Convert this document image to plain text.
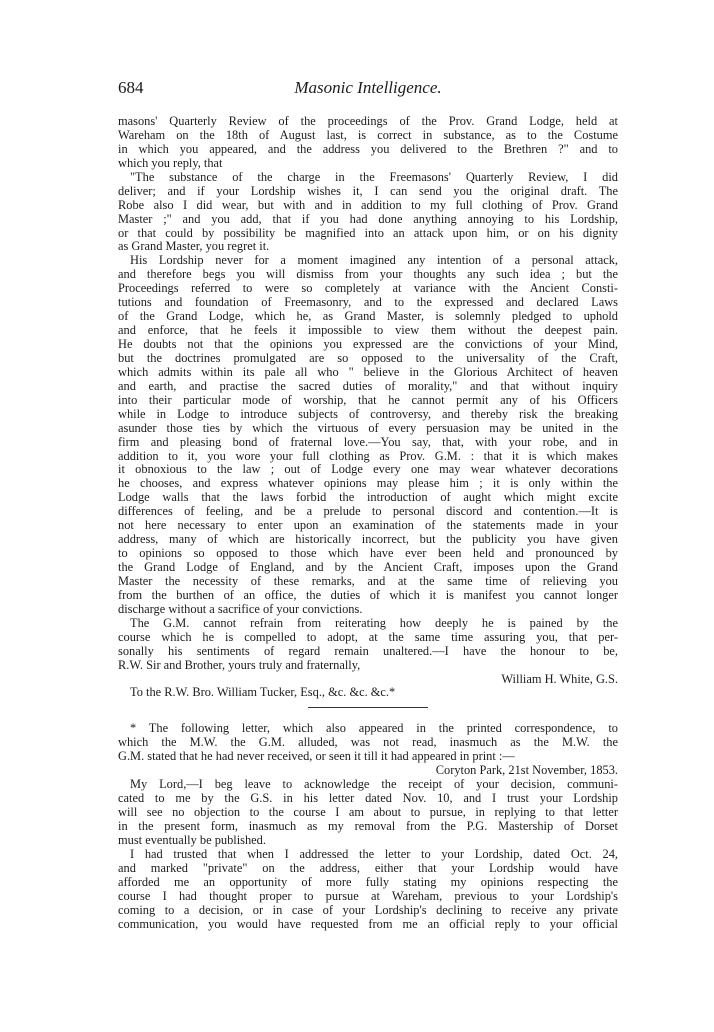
Masonic Intelligence.
684
masons' Quarterly Review of the proceedings of the Prov. Grand Lodge, held at
Wareham on the 18th of August last, is correct in substance, as to the Costume
in which you appeared, and the address you delivered to the Brethren ?" and to
which you reply, that
"The substance of the charge in the Freemasons' Quarterly Review, I did
deliver; and if your Lordship wishes it, I can send you the original draft. The
Robe also I did wear, but with and in addition to my full clothing of Prov. Grand
Master ;" and you add, that if you had done anything annoying to his Lordship,
or that could by possibility be magnified into an attack upon him, or on his dignity
as Grand Master, you regret it.
His Lordship never for a moment imagined any intention of a personal attack,
and therefore begs you will dismiss from your thoughts any such idea ; but the
Proceedings referred to were so completely at variance with the Ancient Consti-
tutions and foundation of Freemasonry, and to the expressed and declared Laws
of the Grand Lodge, which he, as Grand Master, is solemnly pledged to uphold
and enforce, that he feels it impossible to view them without the deepest pain.
He doubts not that the opinions you expressed are the convictions of your Mind,
but the doctrines promulgated are so opposed to the universality of the Craft,
which admits within its pale all who " believe in the Glorious Architect of heaven
and earth, and practise the sacred duties of morality," and that without inquiry
into their particular mode of worship, that he cannot permit any of his Officers
while in Lodge to introduce subjects of controversy, and thereby risk the breaking
asunder those ties by which the virtuous of every persuasion may be united in the
firm and pleasing bond of fraternal love.—You say, that, with your robe, and in
addition to it, you wore your full clothing as Prov. G.M. : that it is which makes
it obnoxious to the law ; out of Lodge every one may wear whatever decorations
he chooses, and express whatever opinions may please him ; it is only within the
Lodge walls that the laws forbid the introduction of aught which might excite
differences of feeling, and be a prelude to personal discord and contention.—It is
not here necessary to enter upon an examination of the statements made in your
address, many of which are historically incorrect, but the publicity you have given
to opinions so opposed to those which have ever been held and pronounced by
the Grand Lodge of England, and by the Ancient Craft, imposes upon the Grand
Master the necessity of these remarks, and at the same time of relieving you
from the burthen of an office, the duties of which it is manifest you cannot longer
discharge without a sacrifice of your convictions.
The G.M. cannot refrain from reiterating how deeply he is pained by the
course which he is compelled to adopt, at the same time assuring you, that per-
sonally his sentiments of regard remain unaltered.—I have the honour to be,
R.W. Sir and Brother, yours truly and fraternally,
William H. White, G.S.
To the R.W. Bro. William Tucker, Esq., &c. &c. &c.*
* The following letter, which also appeared in the printed correspondence, to
which the M.W. the G.M. alluded, was not read, inasmuch as the M.W. the
G.M. stated that he had never received, or seen it till it had appeared in print :—
Coryton Park, 21st November, 1853.
My Lord,—I beg leave to acknowledge the receipt of your decision, communi-
cated to me by the G.S. in his letter dated Nov. 10, and I trust your Lordship
will see no objection to the course I am about to pursue, in replying to that letter
in the present form, inasmuch as my removal from the P.G. Mastership of Dorset
must eventually be published.
I had trusted that when I addressed the letter to your Lordship, dated Oct. 24,
and marked "private" on the address, either that your Lordship would have
afforded me an opportunity of more fully stating my opinions respecting the
course I had thought proper to pursue at Wareham, previous to your Lordship's
coming to a decision, or in case of your Lordship's declining to receive any private
communication, you would have requested from me an official reply to your official
